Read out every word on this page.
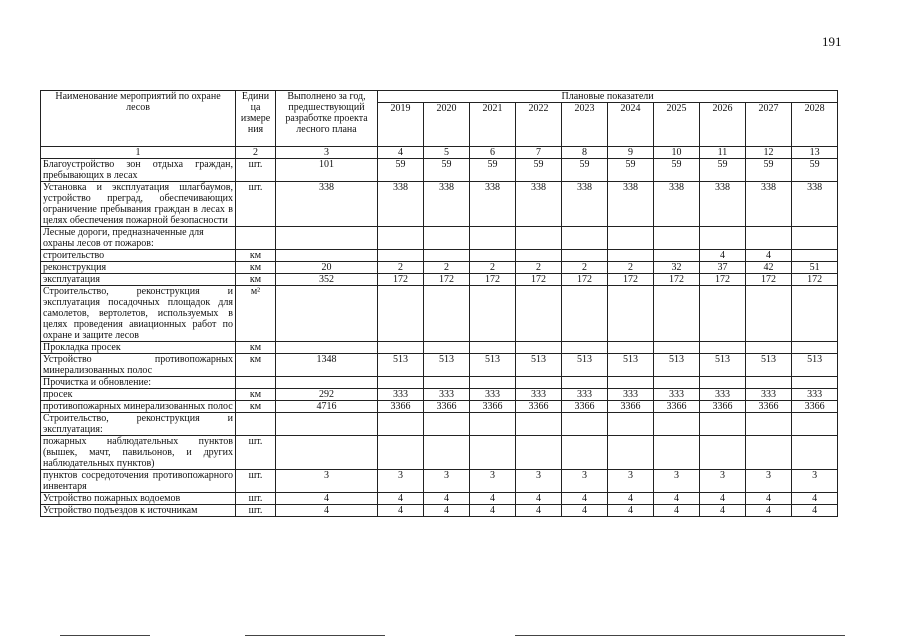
191
Наименование мероприятий по охране лесов	Едини ца измере ния	Выполнено за год, предшествующий разработке проекта лесного плана	Плановые показатели									
			2019	2020	2021	2022	2023	2024	2025	2026	2027	2028
1	2	3	4	5	6	7	8	9	10	11	12	13
Благоустройство зон отдыха граждан, пребывающих в лесах	шт.	101	59	59	59	59	59	59	59	59	59	59
Установка и эксплуатация шлагбаумов, устройство преград, обеспечивающих ограничение пребывания граждан в лесах в целях обеспечения пожарной безопасности	шт.	338	338	338	338	338	338	338	338	338	338	338
Лесные дороги, предназначенные для охраны лесов от пожаров:												
строительство	км									4	4	
реконструкция	км	20	2	2	2	2	2	2	32	37	42	51
эксплуатация	км	352	172	172	172	172	172	172	172	172	172	172
Строительство, реконструкция и эксплуатация посадочных площадок для самолетов, вертолетов, используемых в целях проведения авиационных работ по охране и защите лесов	м²											
Прокладка просек	км											
Устройство противопожарных минерализованных полос	км	1348	513	513	513	513	513	513	513	513	513	513
Прочистка и обновление:												
просек	км	292	333	333	333	333	333	333	333	333	333	333
противопожарных минерализованных полос	км	4716	3366	3366	3366	3366	3366	3366	3366	3366	3366	3366
Строительство, реконструкция и эксплуатация:												
пожарных наблюдательных пунктов (вышек, мачт, павильонов, и других наблюдательных пунктов)	шт.											
пунктов сосредоточения противопожарного инвентаря	шт.	3	3	3	3	3	3	3	3	3	3	3
Устройство пожарных водоемов	шт.	4	4	4	4	4	4	4	4	4	4	4
Устройство подъездов к источникам	шт.	4	4	4	4	4	4	4	4	4	4	4
